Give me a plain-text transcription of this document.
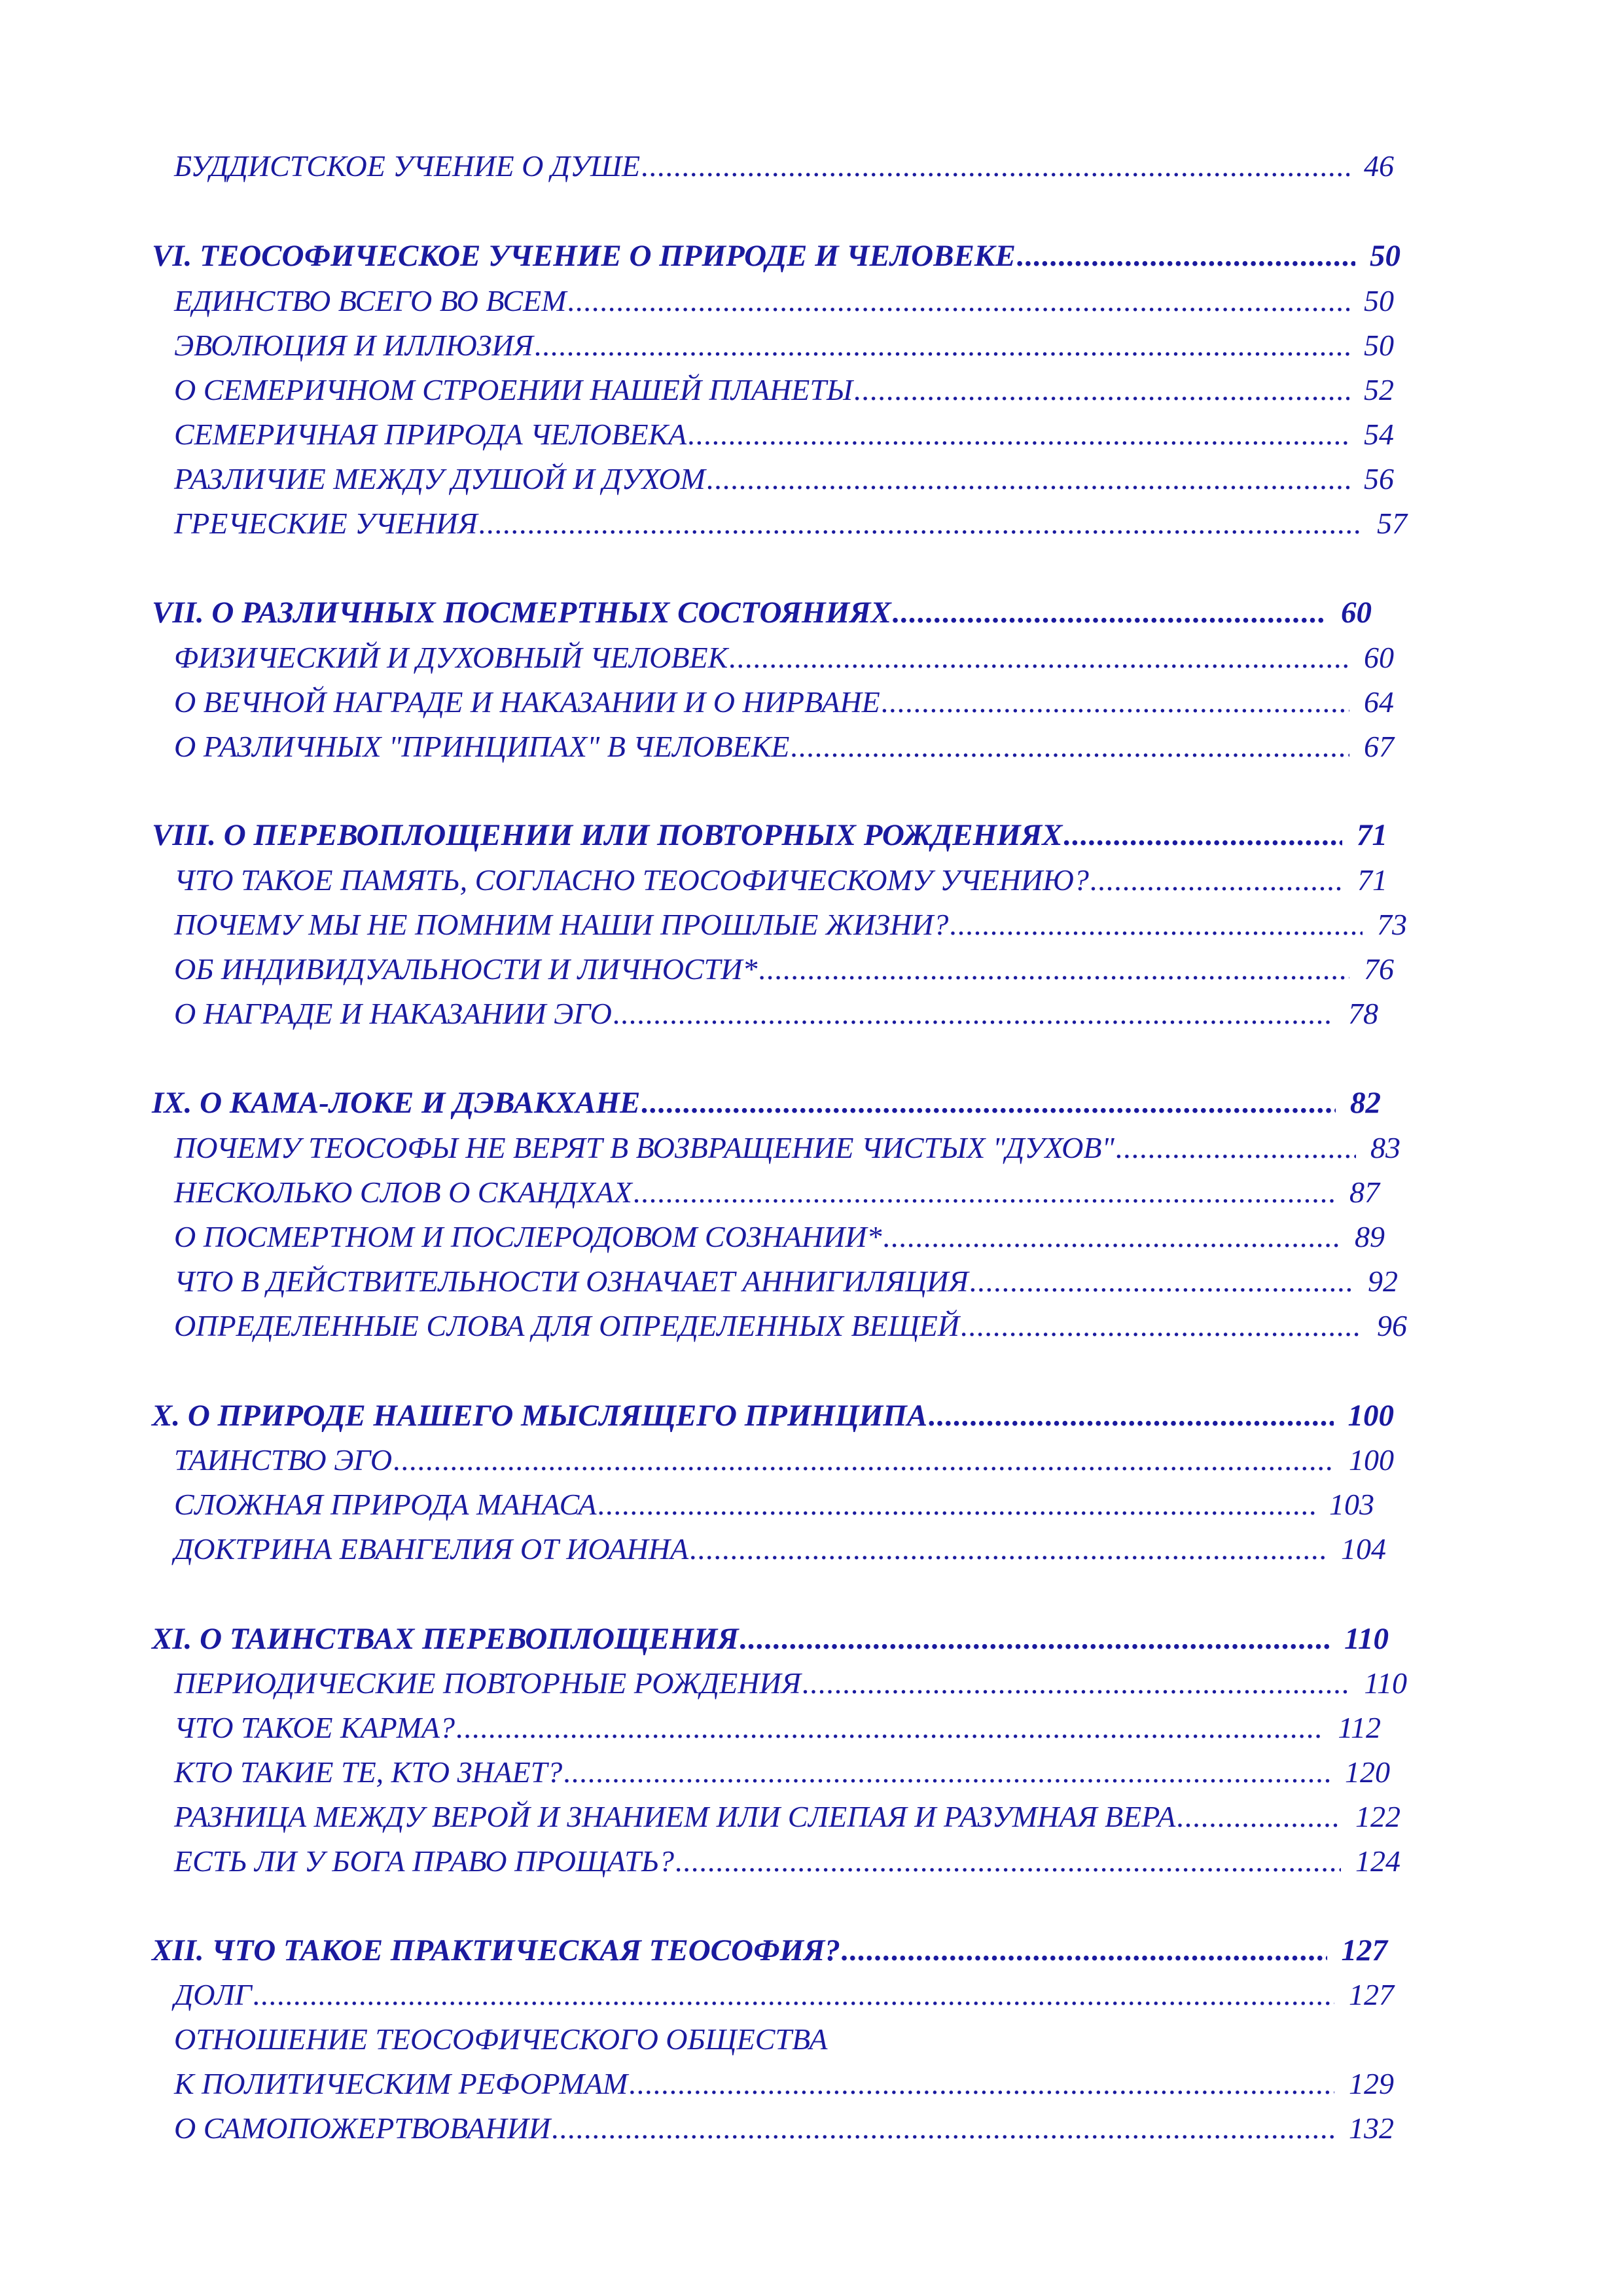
БУДДИСТСКОЕ УЧЕНИЕ О ДУШЕ .....	46
VI. ТЕОСОФИЧЕСКОЕ УЧЕНИЕ О ПРИРОДЕ И ЧЕЛОВЕКЕ .....	50
ЕДИНСТВО ВСЕГО ВО ВСЕМ .....	50
ЭВОЛЮЦИЯ И ИЛЛЮЗИЯ .....	50
О СЕМЕРИЧНОМ СТРОЕНИИ НАШЕЙ ПЛАНЕТЫ .....	52
СЕМЕРИЧНАЯ ПРИРОДА ЧЕЛОВЕКА .....	54
РАЗЛИЧИЕ МЕЖДУ ДУШОЙ И ДУХОМ .....	56
ГРЕЧЕСКИЕ УЧЕНИЯ .....	57
VII. О РАЗЛИЧНЫХ ПОСМЕРТНЫХ СОСТОЯНИЯХ .....	60
ФИЗИЧЕСКИЙ И ДУХОВНЫЙ ЧЕЛОВЕК .....	60
О ВЕЧНОЙ НАГРАДЕ И НАКАЗАНИИ И О НИРВАНЕ .....	64
О РАЗЛИЧНЫХ "ПРИНЦИПАХ" В ЧЕЛОВЕКЕ .....	67
VIII. О ПЕРЕВОПЛОЩЕНИИ ИЛИ ПОВТОРНЫХ РОЖДЕНИЯХ .....	71
ЧТО ТАКОЕ ПАМЯТЬ, СОГЛАСНО ТЕОСОФИЧЕСКОМУ УЧЕНИЮ? .....	71
ПОЧЕМУ МЫ НЕ ПОМНИМ НАШИ ПРОШЛЫЕ ЖИЗНИ? .....	73
ОБ ИНДИВИДУАЛЬНОСТИ И ЛИЧНОСТИ* .....	76
О НАГРАДЕ И НАКАЗАНИИ ЭГО .....	78
IX. О КАМА-ЛОКЕ И ДЭВАКХАНЕ .....	82
ПОЧЕМУ ТЕОСОФЫ НЕ ВЕРЯТ В ВОЗВРАЩЕНИЕ ЧИСТЫХ "ДУХОВ" .....	83
НЕСКОЛЬКО СЛОВ О СКАНДХАХ .....	87
О ПОСМЕРТНОМ И ПОСЛЕРОДОВОМ СОЗНАНИИ* .....	89
ЧТО В ДЕЙСТВИТЕЛЬНОСТИ ОЗНАЧАЕТ АННИГИЛЯЦИЯ .....	92
ОПРЕДЕЛЕННЫЕ СЛОВА ДЛЯ ОПРЕДЕЛЕННЫХ ВЕЩЕЙ .....	96
X. О ПРИРОДЕ НАШЕГО МЫСЛЯЩЕГО ПРИНЦИПА .....	100
ТАИНСТВО ЭГО .....	100
СЛОЖНАЯ ПРИРОДА МАНАСА .....	103
ДОКТРИНА ЕВАНГЕЛИЯ ОТ ИОАННА .....	104
XI. О ТАИНСТВАХ ПЕРЕВОПЛОЩЕНИЯ .....	110
ПЕРИОДИЧЕСКИЕ ПОВТОРНЫЕ РОЖДЕНИЯ .....	110
ЧТО ТАКОЕ КАРМА? .....	112
КТО ТАКИЕ ТЕ, КТО ЗНАЕТ? .....	120
РАЗНИЦА МЕЖДУ ВЕРОЙ И ЗНАНИЕМ ИЛИ СЛЕПАЯ И РАЗУМНАЯ ВЕРА .....	122
ЕСТЬ ЛИ У БОГА ПРАВО ПРОЩАТЬ? .....	124
XII. ЧТО ТАКОЕ ПРАКТИЧЕСКАЯ ТЕОСОФИЯ? .....	127
ДОЛГ .....	127
ОТНОШЕНИЕ ТЕОСОФИЧЕСКОГО ОБЩЕСТВА
К ПОЛИТИЧЕСКИМ РЕФОРМАМ .....	129
О САМОПОЖЕРТВОВАНИИ .....	132
